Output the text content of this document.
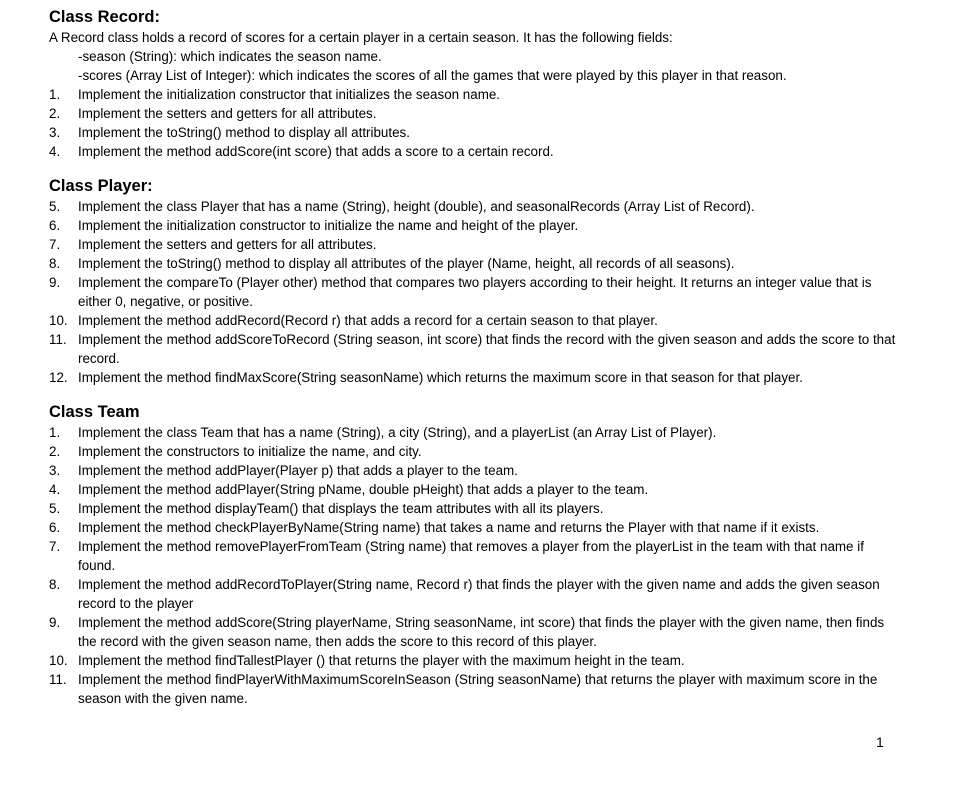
Class Record:

A Record class holds a record of scores for a certain player in a certain season. It has the following fields:

-season (String): which indicates the season name.

-scores (Array List of Integer): which indicates the scores of all the games that were played by this player in that reason.

1. Implement the initialization constructor that initializes the season name.
2. Implement the setters and getters for all attributes.
3. Implement the toString() method to display all attributes.
4. Implement the method addScore(int score) that adds a score to a certain record.

Class Player:

5. Implement the class Player that has a name (String), height (double), and seasonalRecords (Array List of Record).
6. Implement the initialization constructor to initialize the name and height of the player.
7. Implement the setters and getters for all attributes.
8. Implement the toString() method to display all attributes of the player (Name, height, all records of all seasons).
9. Implement the compareTo (Player other) method that compares two players according to their height. It returns an integer value that is either 0, negative, or positive.
10. Implement the method addRecord(Record r) that adds a record for a certain season to that player.
11. Implement the method addScoreToRecord (String season, int score) that finds the record with the given season and adds the score to that record.
12. Implement the method findMaxScore(String seasonName) which returns the maximum score in that season for that player.

Class Team

1. Implement the class Team that has a name (String), a city (String), and a playerList (an Array List of Player).
2. Implement the constructors to initialize the name, and city.
3. Implement the method addPlayer(Player p) that adds a player to the team.
4. Implement the method addPlayer(String pName, double pHeight) that adds a player to the team.
5. Implement the method displayTeam() that displays the team attributes with all its players.
6. Implement the method checkPlayerByName(String name) that takes a name and returns the Player with that name if it exists.
7. Implement the method removePlayerFromTeam (String name) that removes a player from the playerList in the team with that name if found.
8. Implement the method addRecordToPlayer(String name, Record r) that finds the player with the given name and adds the given season record to the player
9. Implement the method addScore(String playerName, String seasonName, int score) that finds the player with the given name, then finds the record with the given season name, then adds the score to this record of this player.
10. Implement the method findTallestPlayer () that returns the player with the maximum height in the team.
11. Implement the method findPlayerWithMaximumScoreInSeason (String seasonName) that returns the player with maximum score in the season with the given name.
1
